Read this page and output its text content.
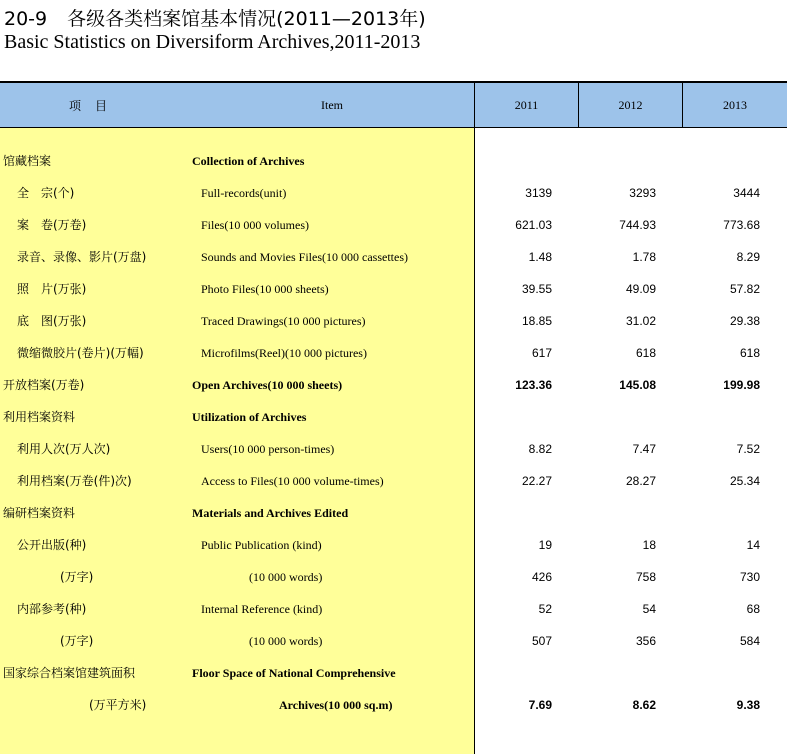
20-9 各级各类档案馆基本情况(2011—2013年)
Basic Statistics on Diversiform Archives,2011-2013
项目	Item	2011	2012	2013
馆藏档案	Collection of Archives
全　宗(个)	Full-records(unit)	3139	3293	3444
案　卷(万卷)	Files(10 000 volumes)	621.03	744.93	773.68
录音、录像、影片(万盘)	Sounds and Movies Files(10 000 cassettes)	1.48	1.78	8.29
照　片(万张)	Photo Files(10 000 sheets)	39.55	49.09	57.82
底　图(万张)	Traced Drawings(10 000 pictures)	18.85	31.02	29.38
微缩微胶片(卷片)(万幅)	Microfilms(Reel)(10 000 pictures)	617	618	618
开放档案(万卷)	Open Archives(10 000 sheets)	123.36	145.08	199.98
利用档案资料	Utilization of Archives
利用人次(万人次)	Users(10 000 person-times)	8.82	7.47	7.52
利用档案(万卷(件)次)	Access to Files(10 000 volume-times)	22.27	28.27	25.34
编研档案资料	Materials and Archives Edited
公开出版(种)	Public Publication (kind)	19	18	14
(万字)	(10 000 words)	426	758	730
内部参考(种)	Internal Reference (kind)	52	54	68
(万字)	(10 000 words)	507	356	584
国家综合档案馆建筑面积	Floor Space of National Comprehensive
(万平方米)	Archives(10 000 sq.m)	7.69	8.62	9.38
